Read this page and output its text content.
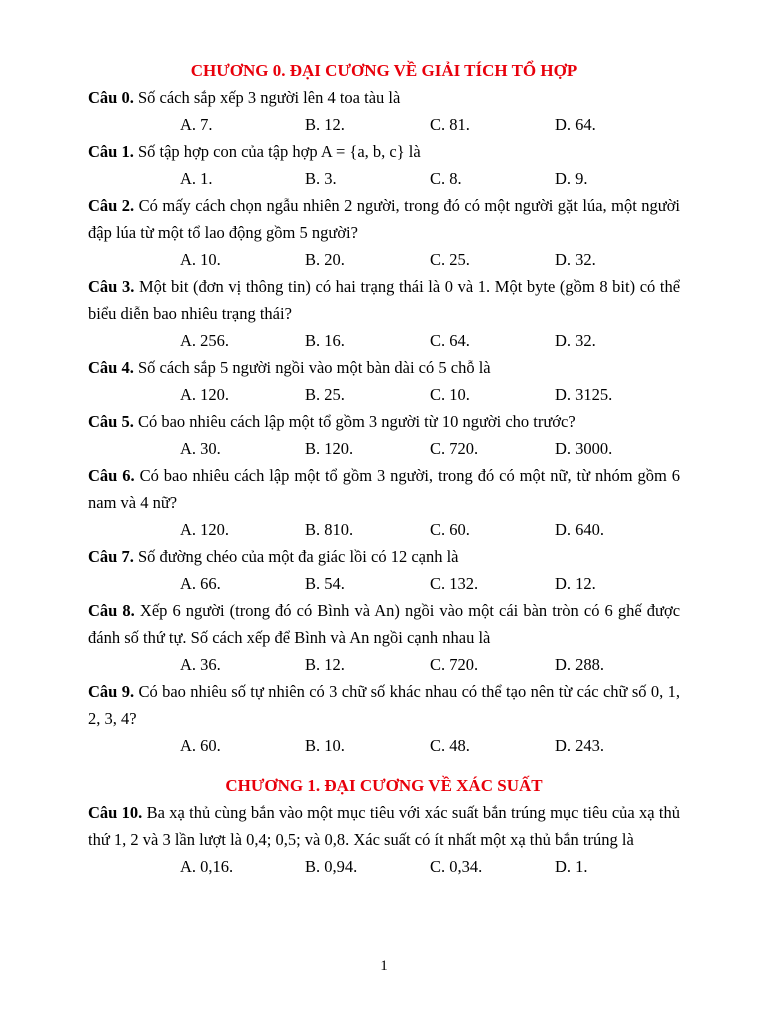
CHƯƠNG 0. ĐẠI CƯƠNG VỀ GIẢI TÍCH TỔ HỢP

Câu 0. Số cách sắp xếp 3 người lên 4 toa tàu là

A. 7.	B. 12.	C. 81.	D. 64.

Câu 1. Số tập hợp con của tập hợp A = {a, b, c} là

A. 1.	B. 3.	C. 8.	D. 9.

Câu 2. Có mấy cách chọn ngẫu nhiên 2 người, trong đó có một người gặt lúa, một người đập lúa từ một tổ lao động gồm 5 người?

A. 10.	B. 20.	C. 25.	D. 32.

Câu 3. Một bit (đơn vị thông tin) có hai trạng thái là 0 và 1. Một byte (gồm 8 bit) có thể biểu diễn bao nhiêu trạng thái?

A. 256.	B. 16.	C. 64.	D. 32.

Câu 4. Số cách sắp 5 người ngồi vào một bàn dài có 5 chỗ là

A. 120.	B. 25.	C. 10.	D. 3125.

Câu 5. Có bao nhiêu cách lập một tổ gồm 3 người từ 10 người cho trước?

A. 30.	B. 120.	C. 720.	D. 3000.

Câu 6. Có bao nhiêu cách lập một tổ gồm 3 người, trong đó có một nữ, từ nhóm gồm 6 nam và 4 nữ?

A. 120.	B. 810.	C. 60.	D. 640.

Câu 7. Số đường chéo của một đa giác lồi có 12 cạnh là

A. 66.	B. 54.	C. 132.	D. 12.

Câu 8. Xếp 6 người (trong đó có Bình và An) ngồi vào một cái bàn tròn có 6 ghế được đánh số thứ tự. Số cách xếp để Bình và An ngồi cạnh nhau là

A. 36.	B. 12.	C. 720.	D. 288.

Câu 9. Có bao nhiêu số tự nhiên có 3 chữ số khác nhau có thể tạo nên từ các chữ số 0, 1, 2, 3, 4?

A. 60.	B. 10.	C. 48.	D. 243.

CHƯƠNG 1. ĐẠI CƯƠNG VỀ XÁC SUẤT

Câu 10. Ba xạ thủ cùng bắn vào một mục tiêu với xác suất bắn trúng mục tiêu của xạ thủ thứ 1, 2 và 3 lần lượt là 0,4; 0,5; và 0,8. Xác suất có ít nhất một xạ thủ bắn trúng là

A. 0,16.	B. 0,94.	C. 0,34.	D. 1.
1
